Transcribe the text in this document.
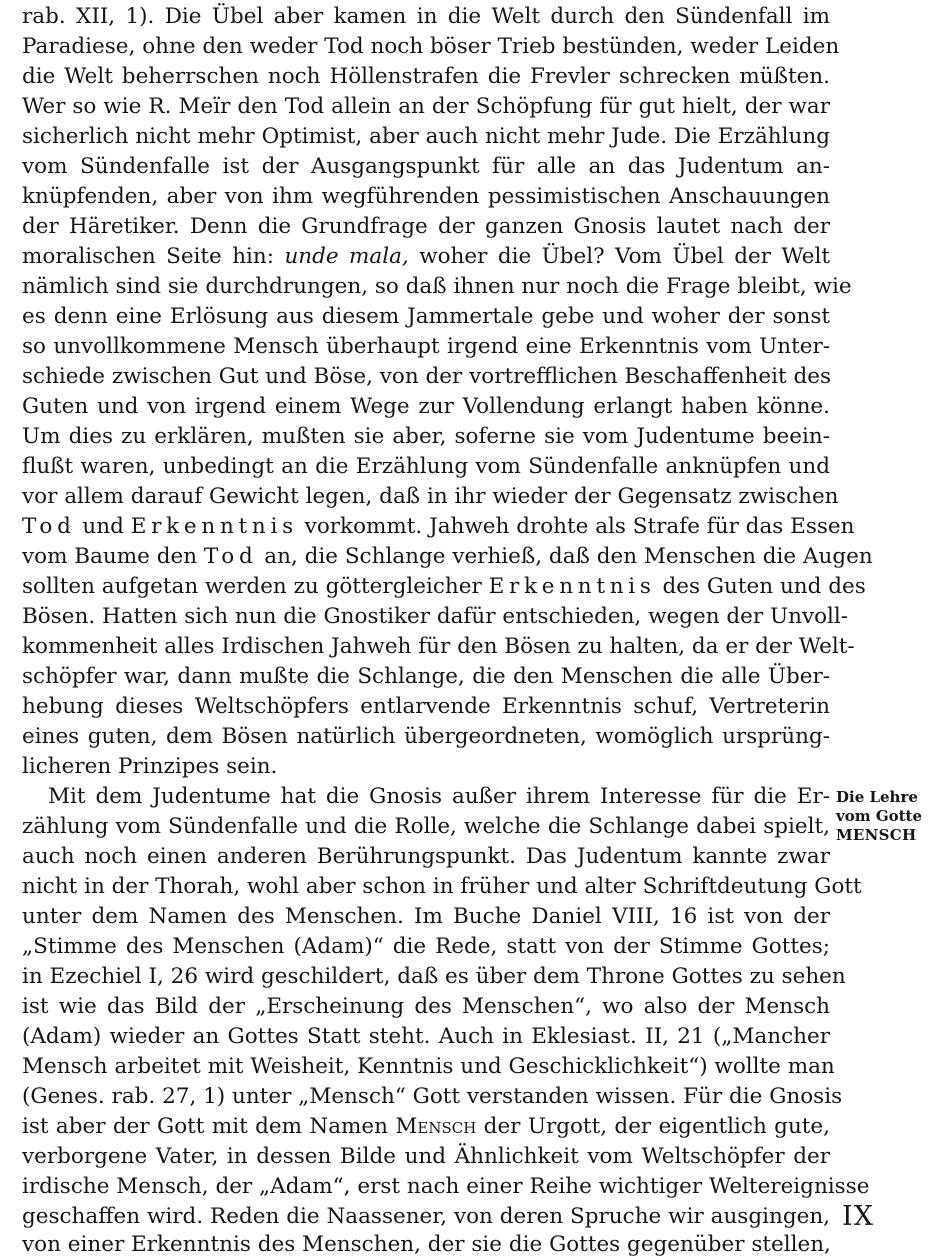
rab. XII, 1). Die Übel aber kamen in die Welt durch den Sündenfall im
Paradiese, ohne den weder Tod noch böser Trieb bestünden, weder Leiden
die Welt beherrschen noch Höllenstrafen die Frevler schrecken müßten.
Wer so wie R. Meïr den Tod allein an der Schöpfung für gut hielt, der war
sicherlich nicht mehr Optimist, aber auch nicht mehr Jude. Die Erzählung
vom Sündenfalle ist der Ausgangspunkt für alle an das Judentum an-
knüpfenden, aber von ihm wegführenden pessimistischen Anschauungen
der Häretiker. Denn die Grundfrage der ganzen Gnosis lautet nach der
moralischen Seite hin: unde mala, woher die Übel? Vom Übel der Welt
nämlich sind sie durchdrungen, so daß ihnen nur noch die Frage bleibt, wie
es denn eine Erlösung aus diesem Jammertale gebe und woher der sonst
so unvollkommene Mensch überhaupt irgend eine Erkenntnis vom Unter-
schiede zwischen Gut und Böse, von der vortrefflichen Beschaffenheit des
Guten und von irgend einem Wege zur Vollendung erlangt haben könne.
Um dies zu erklären, mußten sie aber, soferne sie vom Judentume beein-
flußt waren, unbedingt an die Erzählung vom Sündenfalle anknüpfen und
vor allem darauf Gewicht legen, daß in ihr wieder der Gegensatz zwischen
Tod und Erkenntnis vorkommt. Jahweh drohte als Strafe für das Essen
vom Baume den Tod an, die Schlange verhieß, daß den Menschen die Augen
sollten aufgetan werden zu göttergleicher Erkenntnis des Guten und des
Bösen. Hatten sich nun die Gnostiker dafür entschieden, wegen der Unvoll-
kommenheit alles Irdischen Jahweh für den Bösen zu halten, da er der Welt-
schöpfer war, dann mußte die Schlange, die den Menschen die alle Über-
hebung dieses Weltschöpfers entlarvende Erkenntnis schuf, Vertreterin
eines guten, dem Bösen natürlich übergeordneten, womöglich ursprüng-
licheren Prinzipes sein.
Mit dem Judentume hat die Gnosis außer ihrem Interesse für die Er-
zählung vom Sündenfalle und die Rolle, welche die Schlange dabei spielt,
auch noch einen anderen Berührungspunkt. Das Judentum kannte zwar
nicht in der Thorah, wohl aber schon in früher und alter Schriftdeutung Gott
unter dem Namen des Menschen. Im Buche Daniel VIII, 16 ist von der
„Stimme des Menschen (Adam)“ die Rede, statt von der Stimme Gottes;
in Ezechiel I, 26 wird geschildert, daß es über dem Throne Gottes zu sehen
ist wie das Bild der „Erscheinung des Menschen“, wo also der Mensch
(Adam) wieder an Gottes Statt steht. Auch in Eklesiast. II, 21 („Mancher
Mensch arbeitet mit Weisheit, Kenntnis und Geschicklichkeit“) wollte man
(Genes. rab. 27, 1) unter „Mensch“ Gott verstanden wissen. Für die Gnosis
ist aber der Gott mit dem Namen Mensch der Urgott, der eigentlich gute,
verborgene Vater, in dessen Bilde und Ähnlichkeit vom Weltschöpfer der
irdische Mensch, der „Adam“, erst nach einer Reihe wichtiger Weltereignisse
geschaffen wird. Reden die Naassener, von deren Spruche wir ausgingen,
von einer Erkenntnis des Menschen, der sie die Gottes gegenüber stellen,
Die Lehre
vom Gotte
MENSCH
IX
